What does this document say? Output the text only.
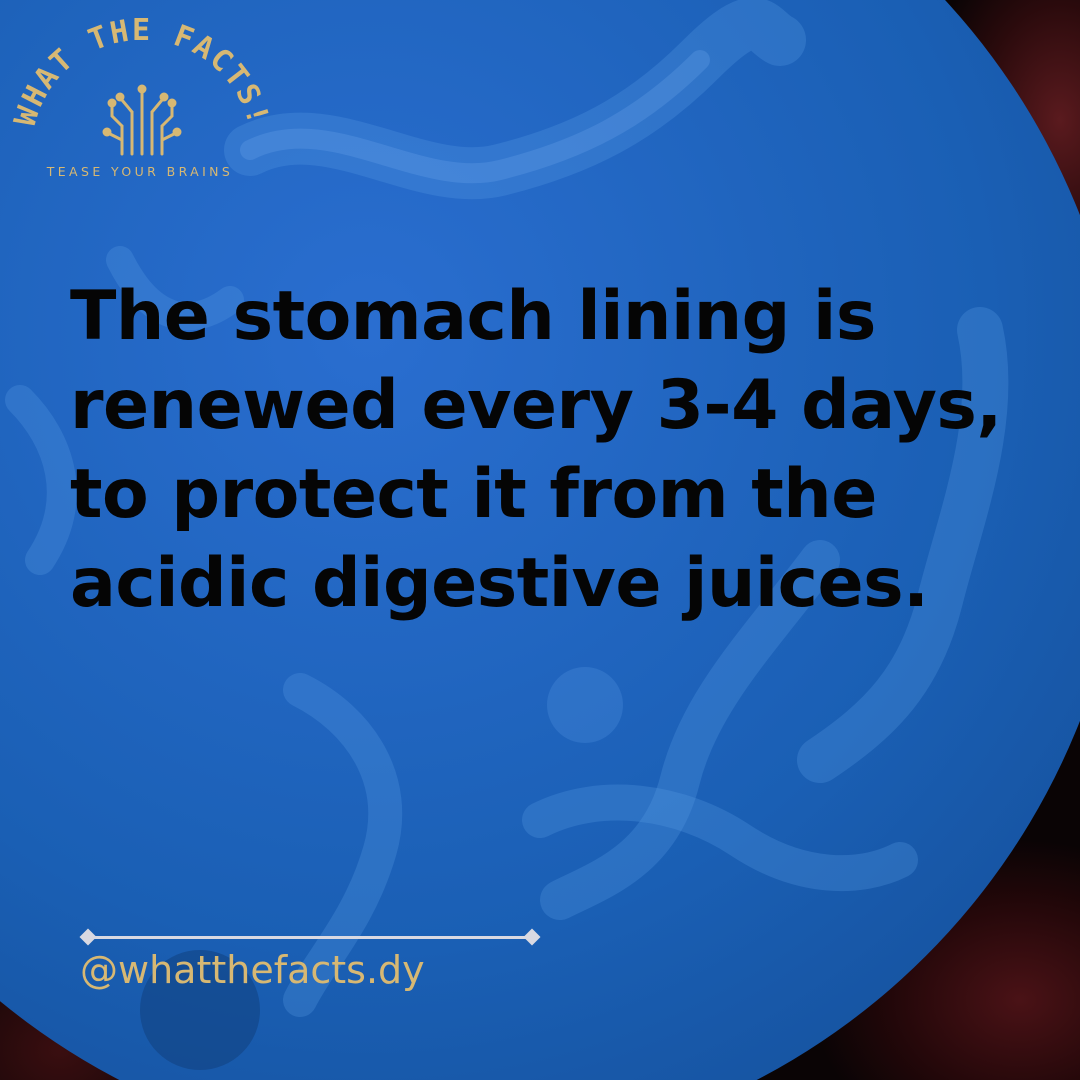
WHAT THE FACTS!

TEASE YOUR BRAINS

The stomach lining is renewed every 3-4 days, to protect it from the acidic digestive juices.

@whatthefacts.dy
